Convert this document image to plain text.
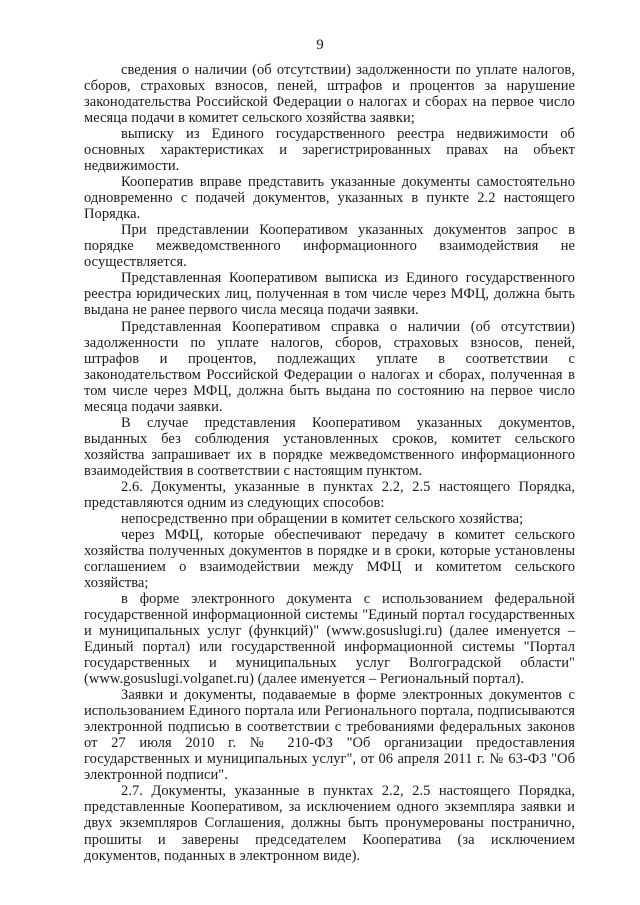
9

сведения о наличии (об отсутствии) задолженности по уплате налогов, сборов, страховых взносов, пеней, штрафов и процентов за нарушение законодательства Российской Федерации о налогах и сборах на первое число месяца подачи в комитет сельского хозяйства заявки;

выписку из Единого государственного реестра недвижимости об основных характеристиках и зарегистрированных правах на объект недвижимости.

Кооператив вправе представить указанные документы самостоятельно одновременно с подачей документов, указанных в пункте 2.2 настоящего Порядка.

При представлении Кооперативом указанных документов запрос в порядке межведомственного информационного взаимодействия не осуществляется.

Представленная Кооперативом выписка из Единого государственного реестра юридических лиц, полученная в том числе через МФЦ, должна быть выдана не ранее первого числа месяца подачи заявки.

Представленная Кооперативом справка о наличии (об отсутствии) задолженности по уплате налогов, сборов, страховых взносов, пеней, штрафов и процентов, подлежащих уплате в соответствии с законодательством Российской Федерации о налогах и сборах, полученная в том числе через МФЦ, должна быть выдана по состоянию на первое число месяца подачи заявки.

В случае представления Кооперативом указанных документов, выданных без соблюдения установленных сроков, комитет сельского хозяйства запрашивает их в порядке межведомственного информационного взаимодействия в соответствии с настоящим пунктом.

2.6. Документы, указанные в пунктах 2.2, 2.5 настоящего Порядка, представляются одним из следующих способов:

непосредственно при обращении в комитет сельского хозяйства;

через МФЦ, которые обеспечивают передачу в комитет сельского хозяйства полученных документов в порядке и в сроки, которые установлены соглашением о взаимодействии между МФЦ и комитетом сельского хозяйства;

в форме электронного документа с использованием федеральной государственной информационной системы "Единый портал государственных и муниципальных услуг (функций)" (www.gosuslugi.ru) (далее именуется – Единый портал) или государственной информационной системы "Портал государственных и муниципальных услуг Волгоградской области" (www.gosuslugi.volganet.ru) (далее именуется – Региональный портал).

Заявки и документы, подаваемые в форме электронных документов с использованием Единого портала или Регионального портала, подписываются электронной подписью в соответствии с требованиями федеральных законов от 27 июля 2010 г. № 210-ФЗ "Об организации предоставления государственных и муниципальных услуг", от 06 апреля 2011 г. № 63-ФЗ "Об электронной подписи".

2.7. Документы, указанные в пунктах 2.2, 2.5 настоящего Порядка, представленные Кооперативом, за исключением одного экземпляра заявки и двух экземпляров Соглашения, должны быть пронумерованы постранично, прошиты и заверены председателем Кооператива (за исключением документов, поданных в электронном виде).
